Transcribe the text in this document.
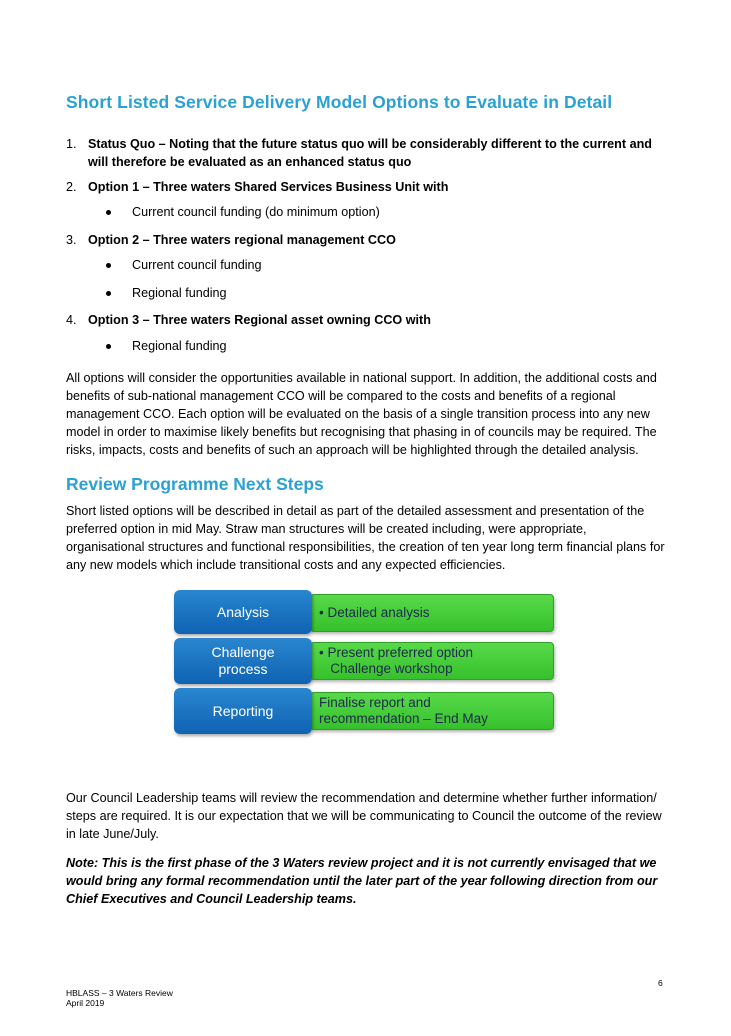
Short Listed Service Delivery Model Options to Evaluate in Detail
1. Status Quo – Noting that the future status quo will be considerably different to the current and will therefore be evaluated as an enhanced status quo
2. Option 1 – Three waters Shared Services Business Unit with
Current council funding (do minimum option)
3. Option 2 – Three waters regional management CCO
Current council funding
Regional funding
4. Option 3 – Three waters Regional asset owning CCO with
Regional funding

All options will consider the opportunities available in national support. In addition, the additional costs and benefits of sub-national management CCO will be compared to the costs and benefits of a regional management CCO. Each option will be evaluated on the basis of a single transition process into any new model in order to maximise likely benefits but recognising that phasing in of councils may be required. The risks, impacts, costs and benefits of such an approach will be highlighted through the detailed analysis.

Review Programme Next Steps

Short listed options will be described in detail as part of the detailed assessment and presentation of the preferred option in mid May. Straw man structures will be created including, were appropriate, organisational structures and functional responsibilities, the creation of ten year long term financial plans for any new models which include transitional costs and any expected efficiencies.

• Detailed analysis
Analysis
• Present preferred option
Challenge workshop
Challenge process
Finalise report and
recommendation – End May
Reporting

Our Council Leadership teams will review the recommendation and determine whether further information/ steps are required. It is our expectation that we will be communicating to Council the outcome of the review in late June/July.

Note: This is the first phase of the 3 Waters review project and it is not currently envisaged that we would bring any formal recommendation until the later part of the year following direction from our Chief Executives and Council Leadership teams.

6
HBLASS – 3 Waters Review
April 2019
